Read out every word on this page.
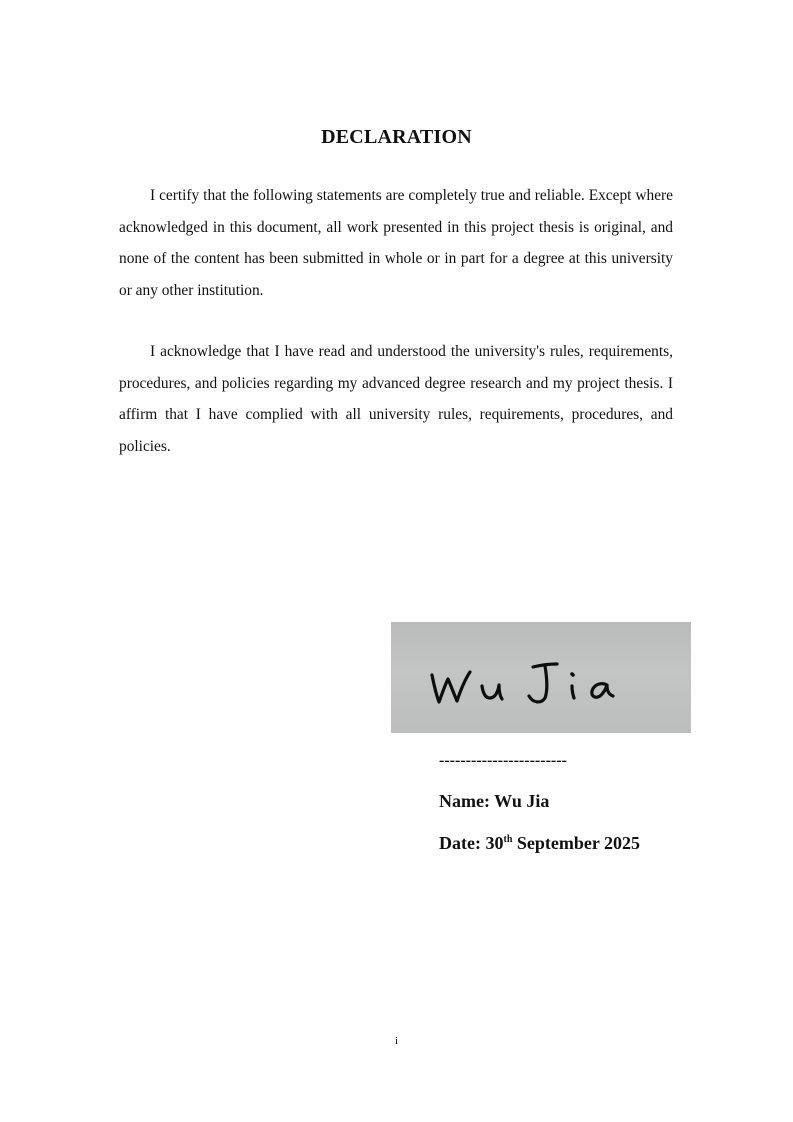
DECLARATION

I certify that the following statements are completely true and reliable. Except where acknowledged in this document, all work presented in this project thesis is original, and none of the content has been submitted in whole or in part for a degree at this university or any other institution.

I acknowledge that I have read and understood the university's rules, requirements, procedures, and policies regarding my advanced degree research and my project thesis. I affirm that I have complied with all university rules, requirements, procedures, and policies.

------------------------

Name: Wu Jia

Date: 30th September 2025

i
